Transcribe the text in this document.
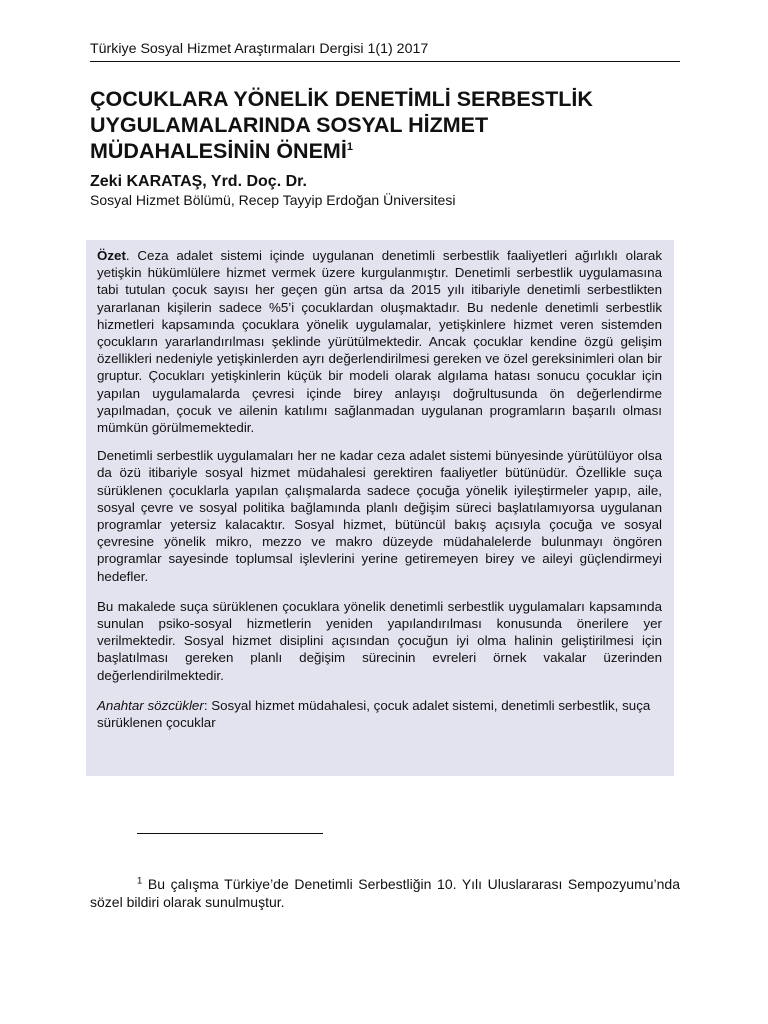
Türkiye Sosyal Hizmet Araştırmaları Dergisi 1(1) 2017
ÇOCUKLARA YÖNELİK DENETİMLİ SERBESTLİK
UYGULAMALARINDA SOSYAL HİZMET
MÜDAHALESİNİN ÖNEMİ$^1$
Zeki KARATAŞ, Yrd. Doç. Dr.
Sosyal Hizmet Bölümü, Recep Tayyip Erdoğan Üniversitesi

Özet. Ceza adalet sistemi içinde uygulanan denetimli serbestlik faaliyetleri ağırlıklı olarak yetişkin hükümlülere hizmet vermek üzere kurgulanmıştır. Denetimli serbestlik uygulamasına tabi tutulan çocuk sayısı her geçen gün artsa da 2015 yılı itibariyle denetimli serbestlikten yararlanan kişilerin sadece %5’i çocuklardan oluşmaktadır. Bu nedenle denetimli serbestlik hizmetleri kapsamında çocuklara yönelik uygulamalar, yetişkinlere hizmet veren sistemden çocukların yararlandırılması şeklinde yürütülmektedir. Ancak çocuklar kendine özgü gelişim özellikleri nedeniyle yetişkinlerden ayrı değerlendirilmesi gereken ve özel gereksinimleri olan bir gruptur. Çocukları yetişkinlerin küçük bir modeli olarak algılama hatası sonucu çocuklar için yapılan uygulamalarda çevresi içinde birey anlayışı doğrultusunda ön değerlendirme yapılmadan, çocuk ve ailenin katılımı sağlanmadan uygulanan programların başarılı olması mümkün görülmemektedir.

Denetimli serbestlik uygulamaları her ne kadar ceza adalet sistemi bünyesinde yürütülüyor olsa da özü itibariyle sosyal hizmet müdahalesi gerektiren faaliyetler bütünüdür. Özellikle suça sürüklenen çocuklarla yapılan çalışmalarda sadece çocuğa yönelik iyileştirmeler yapıp, aile, sosyal çevre ve sosyal politika bağlamında planlı değişim süreci başlatılamıyorsa uygulanan programlar yetersiz kalacaktır. Sosyal hizmet, bütüncül bakış açısıyla çocuğa ve sosyal çevresine yönelik mikro, mezzo ve makro düzeyde müdahalelerde bulunmayı öngören programlar sayesinde toplumsal işlevlerini yerine getiremeyen birey ve aileyi güçlendirmeyi hedefler.

Bu makalede suça sürüklenen çocuklara yönelik denetimli serbestlik uygulamaları kapsamında sunulan psiko-sosyal hizmetlerin yeniden yapılandırılması konusunda önerilere yer verilmektedir. Sosyal hizmet disiplini açısından çocuğun iyi olma halinin geliştirilmesi için başlatılması gereken planlı değişim sürecinin evreleri örnek vakalar üzerinden değerlendirilmektedir.

Anahtar sözcükler: Sosyal hizmet müdahalesi, çocuk adalet sistemi, denetimli serbestlik, suça sürüklenen çocuklar

$^1$ Bu çalışma Türkiye’de Denetimli Serbestliğin 10. Yılı Uluslararası Sempozyumu’nda sözel bildiri olarak sunulmuştur.
